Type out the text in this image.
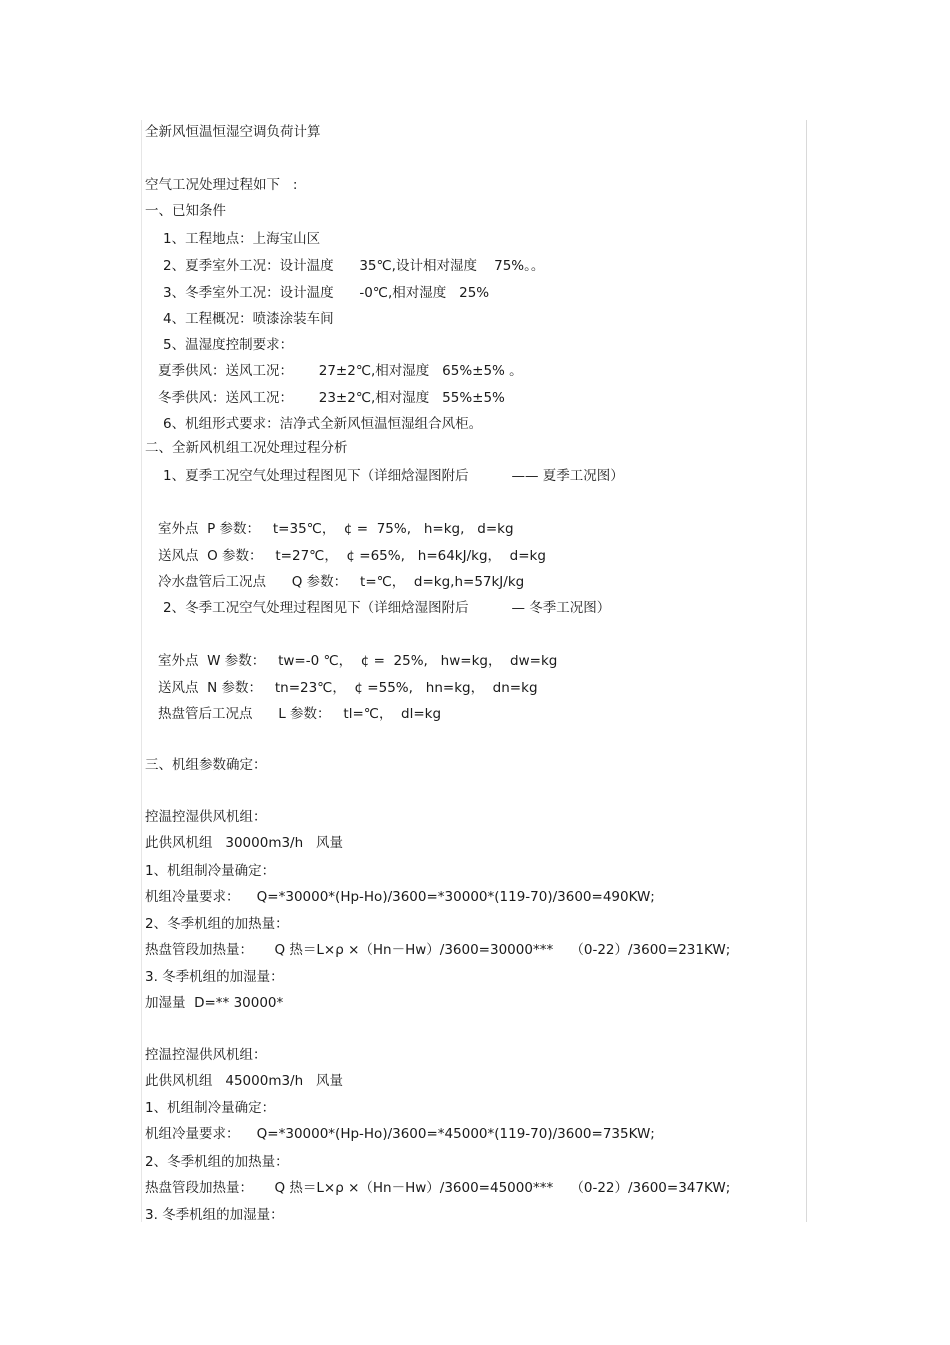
全新风恒温恒湿空调负荷计算
空气工况处理过程如下   :
一、已知条件
1、工程地点：上海宝山区
2、夏季室外工况：设计温度      35℃,设计相对湿度    75%。。
3、冬季室外工况：设计温度      -0℃,相对湿度   25%
4、工程概况：喷漆涂装车间
5、温湿度控制要求：
夏季供风：送风工况：      27±2℃,相对湿度   65%±5% 。
冬季供风：送风工况：      23±2℃,相对湿度   55%±5%
6、机组形式要求：洁净式全新风恒温恒湿组合风柜。
二、全新风机组工况处理过程分析
1、夏季工况空气处理过程图见下（详细焓湿图附后          —— 夏季工况图）
室外点  P 参数：   t=35℃，  ¢ =  75%,   h=kg,   d=kg
送风点  O 参数：   t=27℃，  ¢ =65%,   h=64kJ/kg，  d=kg
冷水盘管后工况点      Q 参数：   t=℃，  d=kg,h=57kJ/kg
2、冬季工况空气处理过程图见下（详细焓湿图附后          — 冬季工况图）
室外点  W 参数：   tw=-0 ℃，  ¢ =  25%,   hw=kg，  dw=kg
送风点  N 参数：   tn=23℃，  ¢ =55%,   hn=kg，  dn=kg
热盘管后工况点      L 参数：   tl=℃，  dl=kg
三、机组参数确定：
控温控湿供风机组：
此供风机组   30000m3/h   风量
1、机组制冷量确定：
机组冷量要求：    Q=*30000*(Hp-Ho)/3600=*30000*(119-70)/3600=490KW;
2、冬季机组的加热量：
热盘管段加热量：     Q 热＝L×ρ ×（Hn－Hw）/3600=30000***    （0-22）/3600=231KW;
3. 冬季机组的加湿量：
加湿量  D=** 30000*
控温控湿供风机组：
此供风机组   45000m3/h   风量
1、机组制冷量确定：
机组冷量要求：    Q=*30000*(Hp-Ho)/3600=*45000*(119-70)/3600=735KW;
2、冬季机组的加热量：
热盘管段加热量：     Q 热＝L×ρ ×（Hn－Hw）/3600=45000***    （0-22）/3600=347KW;
3. 冬季机组的加湿量：
